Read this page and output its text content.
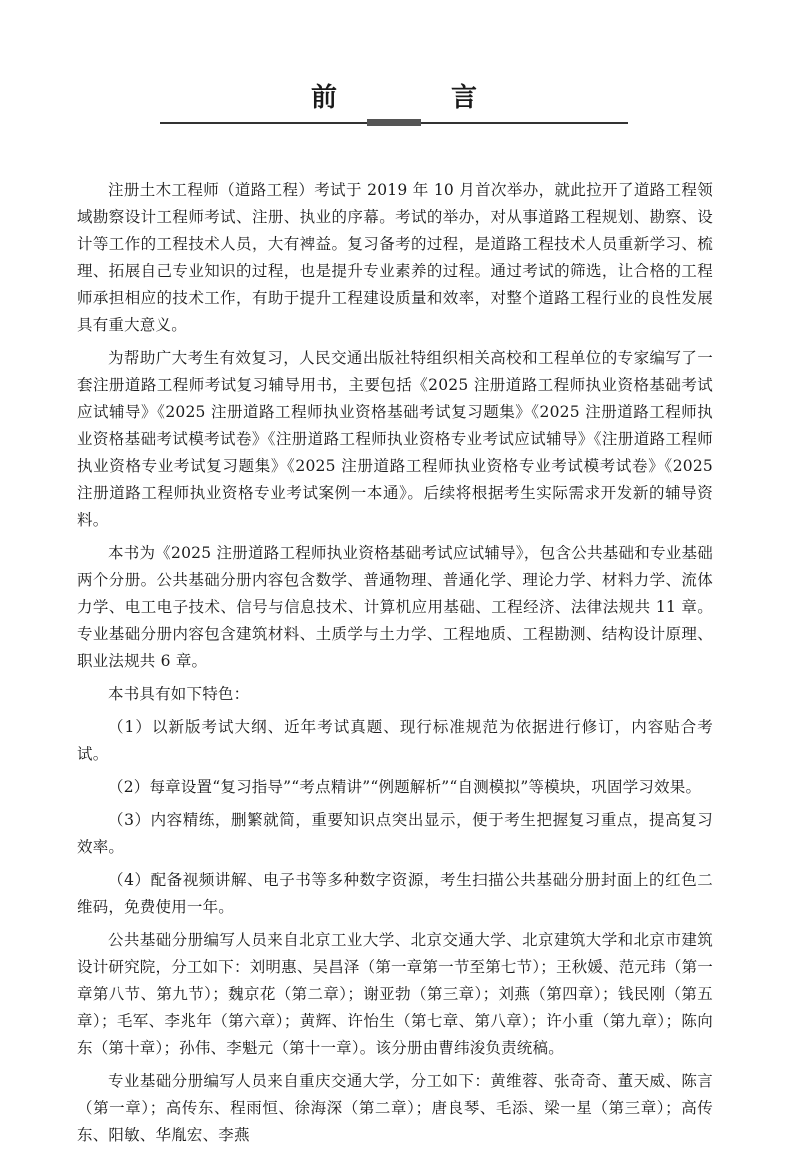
前　言

注册土木工程师（道路工程）考试于 2019 年 10 月首次举办，就此拉开了道路工程领域勘察设计工程师考试、注册、执业的序幕。考试的举办，对从事道路工程规划、勘察、设计等工作的工程技术人员，大有裨益。复习备考的过程，是道路工程技术人员重新学习、梳理、拓展自己专业知识的过程，也是提升专业素养的过程。通过考试的筛选，让合格的工程师承担相应的技术工作，有助于提升工程建设质量和效率，对整个道路工程行业的良性发展具有重大意义。

为帮助广大考生有效复习，人民交通出版社特组织相关高校和工程单位的专家编写了一套注册道路工程师考试复习辅导用书，主要包括《2025 注册道路工程师执业资格基础考试应试辅导》《2025 注册道路工程师执业资格基础考试复习题集》《2025 注册道路工程师执业资格基础考试模考试卷》《注册道路工程师执业资格专业考试应试辅导》《注册道路工程师执业资格专业考试复习题集》《2025 注册道路工程师执业资格专业考试模考试卷》《2025 注册道路工程师执业资格专业考试案例一本通》。后续将根据考生实际需求开发新的辅导资料。

本书为《2025 注册道路工程师执业资格基础考试应试辅导》，包含公共基础和专业基础两个分册。公共基础分册内容包含数学、普通物理、普通化学、理论力学、材料力学、流体力学、电工电子技术、信号与信息技术、计算机应用基础、工程经济、法律法规共 11 章。专业基础分册内容包含建筑材料、土质学与土力学、工程地质、工程勘测、结构设计原理、职业法规共 6 章。

本书具有如下特色：

（1）以新版考试大纲、近年考试真题、现行标准规范为依据进行修订，内容贴合考试。

（2）每章设置“复习指导”“考点精讲”“例题解析”“自测模拟”等模块，巩固学习效果。

（3）内容精练，删繁就简，重要知识点突出显示，便于考生把握复习重点，提高复习效率。

（4）配备视频讲解、电子书等多种数字资源，考生扫描公共基础分册封面上的红色二维码，免费使用一年。

公共基础分册编写人员来自北京工业大学、北京交通大学、北京建筑大学和北京市建筑设计研究院，分工如下：刘明惠、吴昌泽（第一章第一节至第七节）；王秋媛、范元玮（第一章第八节、第九节）；魏京花（第二章）；谢亚勃（第三章）；刘燕（第四章）；钱民刚（第五章）；毛军、李兆年（第六章）；黄辉、许怡生（第七章、第八章）；许小重（第九章）；陈向东（第十章）；孙伟、李魁元（第十一章）。该分册由曹纬浚负责统稿。

专业基础分册编写人员来自重庆交通大学，分工如下：黄维蓉、张奇奇、董天威、陈言（第一章）；高传东、程雨恒、徐海深（第二章）；唐良琴、毛添、梁一星（第三章）；高传东、阳敏、华胤宏、李燕
